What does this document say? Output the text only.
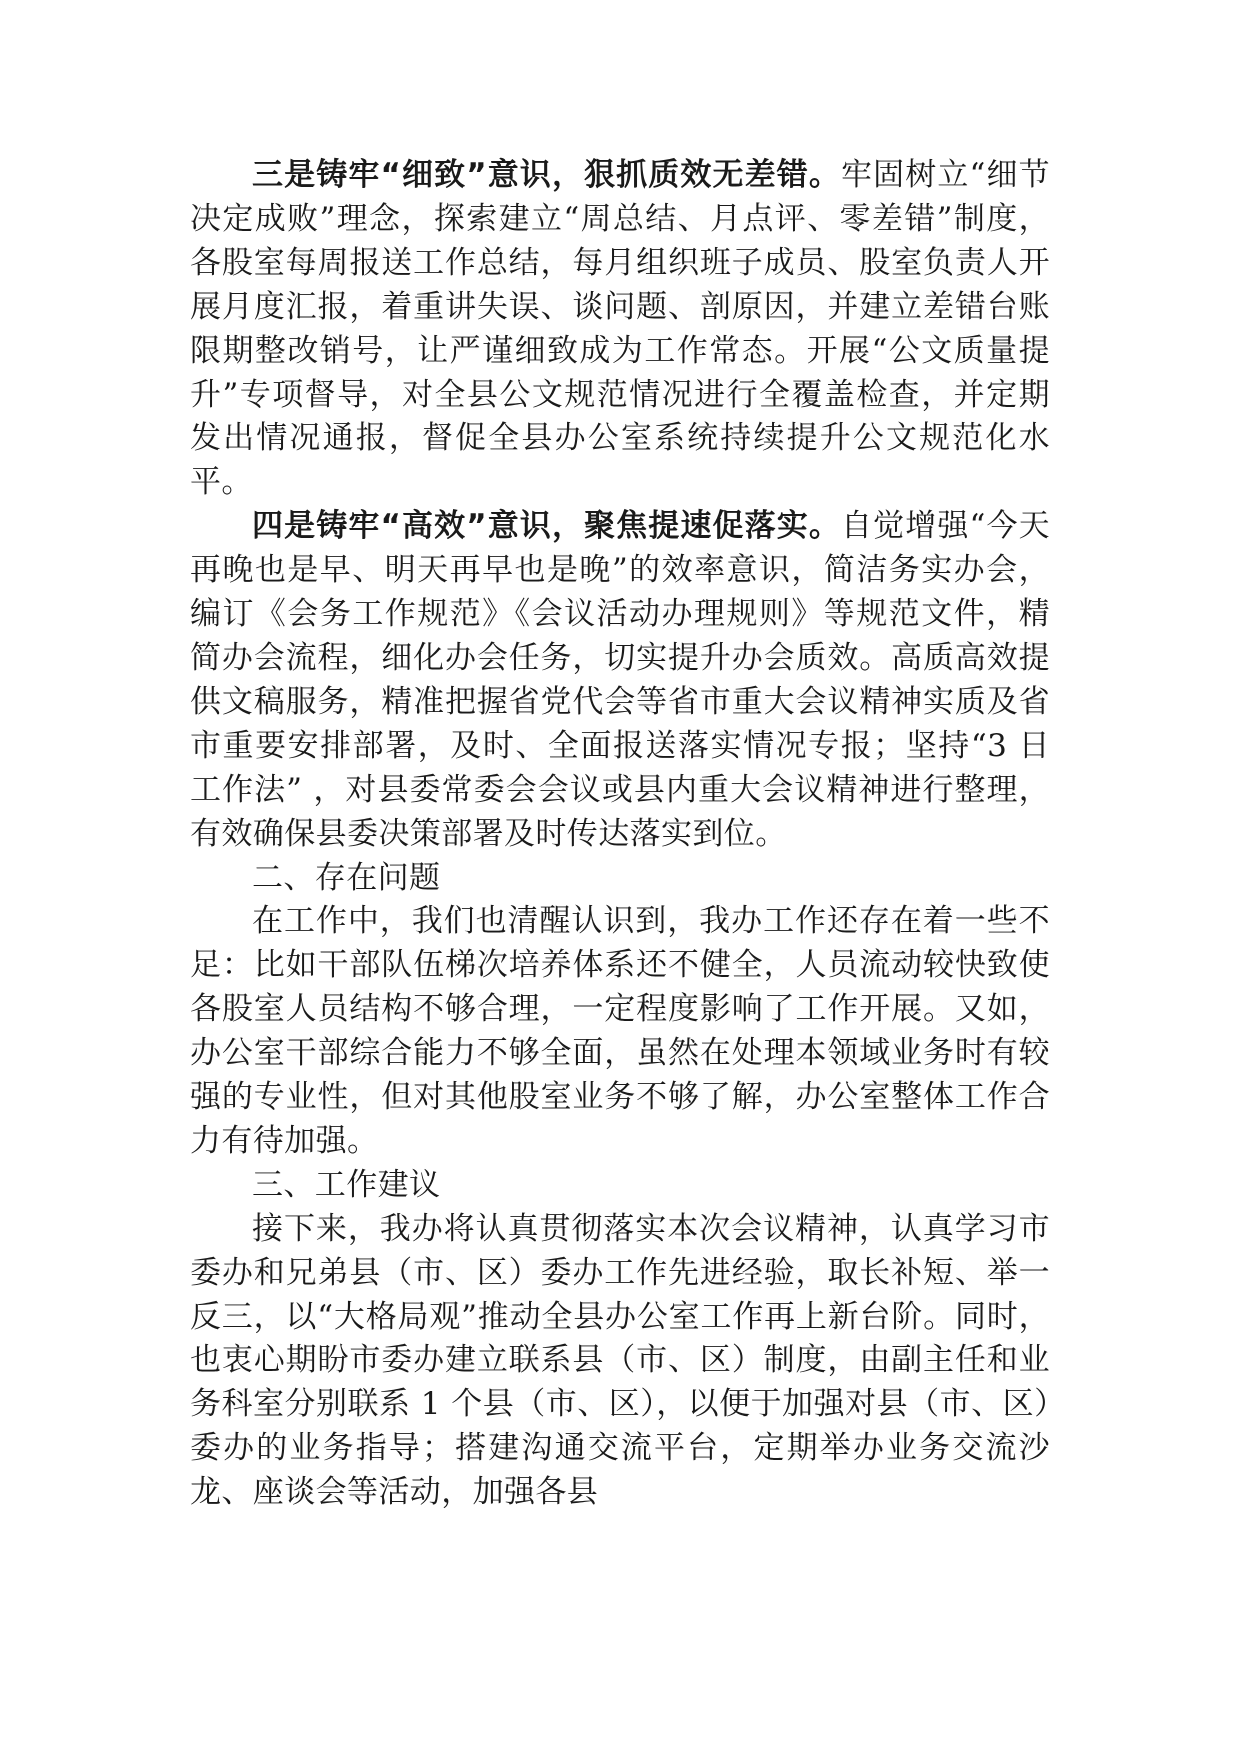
三是铸牢“细致”意识，狠抓质效无差错。牢固树立“细节决定成败”理念，探索建立“周总结、月点评、零差错”制度，各股室每周报送工作总结，每月组织班子成员、股室负责人开展月度汇报，着重讲失误、谈问题、剖原因，并建立差错台账限期整改销号，让严谨细致成为工作常态。开展“公文质量提升”专项督导，对全县公文规范情况进行全覆盖检查，并定期发出情况通报，督促全县办公室系统持续提升公文规范化水平。

四是铸牢“高效”意识，聚焦提速促落实。自觉增强“今天再晚也是早、明天再早也是晚”的效率意识，简洁务实办会，编订《会务工作规范》《会议活动办理规则》等规范文件，精简办会流程，细化办会任务，切实提升办会质效。高质高效提供文稿服务，精准把握省党代会等省市重大会议精神实质及省市重要安排部署，及时、全面报送落实情况专报；坚持“3 日工作法” ，对县委常委会会议或县内重大会议精神进行整理，有效确保县委决策部署及时传达落实到位。

二、存在问题

在工作中，我们也清醒认识到，我办工作还存在着一些不足：比如干部队伍梯次培养体系还不健全，人员流动较快致使各股室人员结构不够合理，一定程度影响了工作开展。又如，办公室干部综合能力不够全面，虽然在处理本领域业务时有较强的专业性，但对其他股室业务不够了解，办公室整体工作合力有待加强。

三、工作建议

接下来，我办将认真贯彻落实本次会议精神，认真学习市委办和兄弟县（市、区）委办工作先进经验，取长补短、举一反三，以“大格局观”推动全县办公室工作再上新台阶。同时，也衷心期盼市委办建立联系县（市、区）制度，由副主任和业务科室分别联系 1 个县（市、区），以便于加强对县（市、区）委办的业务指导；搭建沟通交流平台，定期举办业务交流沙龙、座谈会等活动，加强各县
